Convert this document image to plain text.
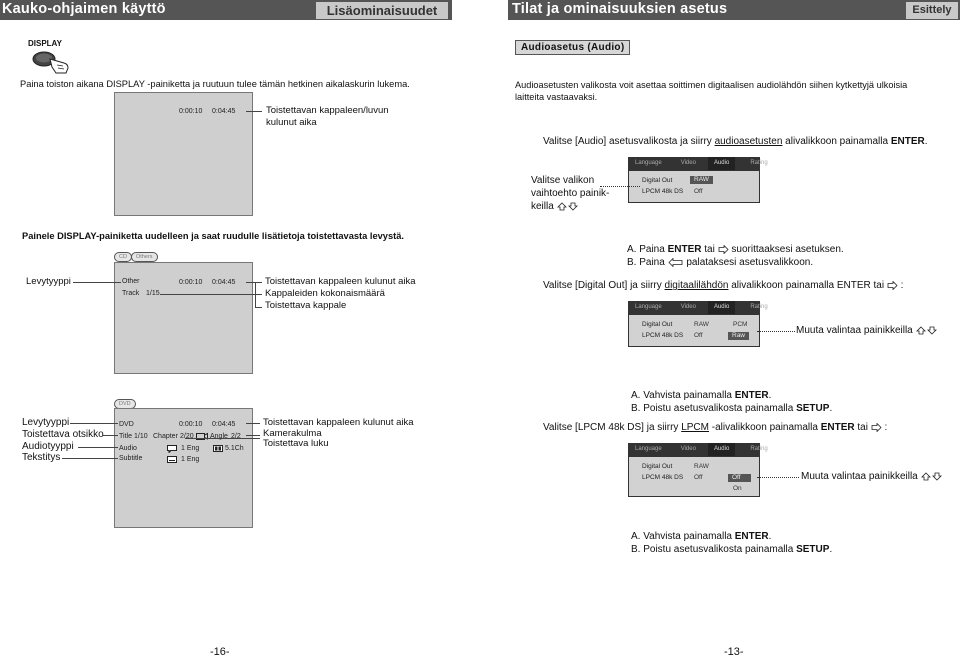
Kauko-ohjaimen käyttö	Lisäominaisuudet
DISPLAY
Paina toiston aikana DISPLAY -painiketta ja ruutuun tulee tämän hetkinen aikalaskurin lukema.
0:00:10 0:04:45	Toistettavan kappaleen/luvun
kulunut aika
Painele DISPLAY-painiketta uudelleen ja saat ruudulle lisätietoja toistettavasta levystä.
CD	Others
Other
Track 1/15
0:00:10 0:04:45
Levytyyppi	Toistettavan kappaleen kulunut aika
Kappaleiden kokonaismäärä
Toistettava kappale
DVD
DVD	0:00:10 0:04:45
Title 1/10 Chapter 2/20 Angle 2/2
Audio	1 Eng	5.1Ch
Subtitle	1 Eng
Levytyyppi
Toistettava otsikko
Audiotyyppi
Tekstitys
Toistettavan kappaleen kulunut aika
Kamerakulma
Toistettava luku
-16-
Tilat ja ominaisuuksien asetus	Esittely
Audioasetus (Audio)
Audioasetusten valikosta voit asettaa soittimen digitaalisen audiolähdön siihen kytkettyjä ulkoisia
laitteita vastaavaksi.
Valitse [Audio] asetusvalikosta ja siirry audioasetusten alivalikkoon painamalla ENTER.
Language	Video	Audio	Rating
Digital Out
LPCM 48k DS
RAW
Off
Valitse valikon
vaihtoehto painik-
keilla
A. Paina ENTER tai  suorittaaksesi asetuksen.
B. Paina  palataksesi asetusvalikkoon.
Valitse [Digital Out] ja siirry digitaalilähdön alivalikkoon painamalla ENTER tai  :
Language	Video	Audio	Rating
Digital Out
LPCM 48k DS
RAW
Off
PCM
Raw	Muuta valintaa painikkeilla
A. Vahvista painamalla ENTER.
B. Poistu asetusvalikosta painamalla SETUP.
Valitse [LPCM 48k DS] ja siirry LPCM -alivalikkoon painamalla ENTER tai  :
Language	Video	Audio	Rating
Digital Out
LPCM 48k DS
RAW
Off	Off
On
Muuta valintaa painikkeilla
A. Vahvista painamalla ENTER.
B. Poistu asetusvalikosta painamalla SETUP.
-13-
